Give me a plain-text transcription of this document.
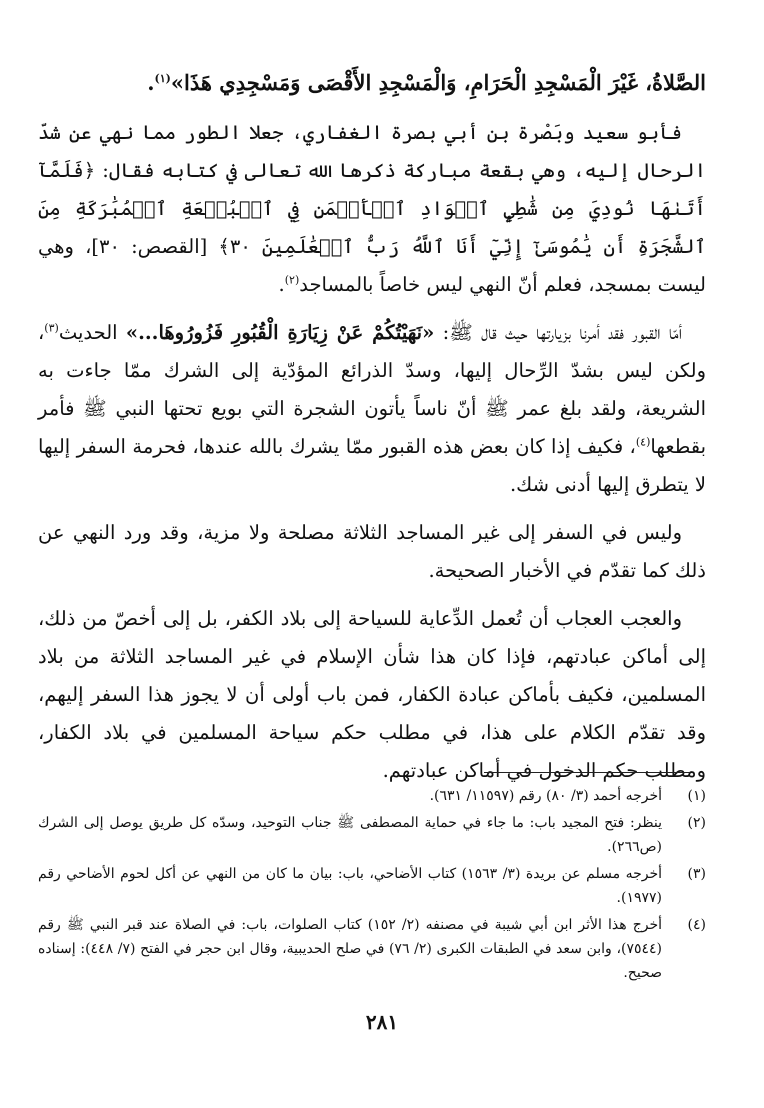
الصَّلاةُ، غَيْرَ الْمَسْجِدِ الْحَرَامِ، وَالْمَسْجِدِ الأَقْصَى وَمَسْجِدِي هَذَا»$^{(١)}$.

فأبو سعيد وبَصْرة بن أبي بصرة الغفاري، جعلا الطور مما نهي عن شدّ الرحال إليه، وهي بقعة مباركة ذكرها الله تعالى في كتابه فقال: ﴿فَلَمَّآ أَتَىٰهَا نُودِيَ مِن شَٰطِيِٕ ٱلۡوَادِ ٱلۡأَيۡمَنِ فِي ٱلۡبُقۡعَةِ ٱلۡمُبَٰرَكَةِ مِنَ ٱلشَّجَرَةِ أَن يَٰمُوسَىٰٓ إِنِّيٓ أَنَا ٱللَّهُ رَبُّ ٱلۡعَٰلَمِينَ ٣٠﴾ [القصص: ٣٠]، وهي ليست بمسجد، فعلم أنّ النهي ليس خاصاً بالمساجد$^{(٢)}$.

أمّا القبور فقد أمرنا بزيارتها حيث قال ﷺ: «نَهَيْتُكُمْ عَنْ زِيَارَةِ الْقُبُورِ فَزُورُوهَا...» الحديث$^{(٣)}$، ولكن ليس بشدّ الرِّحال إليها، وسدّ الذرائع المؤدّية إلى الشرك ممّا جاءت به الشريعة، ولقد بلغ عمر ﷺ أنّ ناساً يأتون الشجرة التي بويع تحتها النبي ﷺ فأمر بقطعها$^{(٤)}$، فكيف إذا كان بعض هذه القبور ممّا يشرك بالله عندها، فحرمة السفر إليها لا يتطرق إليها أدنى شك.

وليس في السفر إلى غير المساجد الثلاثة مصلحة ولا مزية، وقد ورد النهي عن ذلك كما تقدّم في الأخبار الصحيحة.

والعجب العجاب أن تُعمل الدِّعاية للسياحة إلى بلاد الكفر، بل إلى أخصّ من ذلك، إلى أماكن عبادتهم، فإذا كان هذا شأن الإسلام في غير المساجد الثلاثة من بلاد المسلمين، فكيف بأماكن عبادة الكفار، فمن باب أولى أن لا يجوز هذا السفر إليهم، وقد تقدّم الكلام على هذا، في مطلب حكم سياحة المسلمين في بلاد الكفار، ومطلب حكم الدخول في أماكن عبادتهم.

(١)
أخرجه أحمد (٣/ ٨٠) رقم (١١٥٩٧/ ٦٣١).
(٢)
ينظر: فتح المجيد باب: ما جاء في حماية المصطفى ﷺ جناب التوحيد، وسدّه كل طريق يوصل إلى الشرك (ص٢٦٦).
(٣)
أخرجه مسلم عن بريدة (٣/ ١٥٦٣) كتاب الأضاحي، باب: بيان ما كان من النهي عن أكل لحوم الأضاحي رقم (١٩٧٧).
(٤)
أخرج هذا الأثر ابن أبي شيبة في مصنفه (٢/ ١٥٢) كتاب الصلوات، باب: في الصلاة عند قبر النبي ﷺ رقم (٧٥٤٤)، وابن سعد في الطبقات الكبرى (٢/ ٧٦) في صلح الحديبية، وقال ابن حجر في الفتح (٧/ ٤٤٨): إسناده صحيح.
٢٨١
